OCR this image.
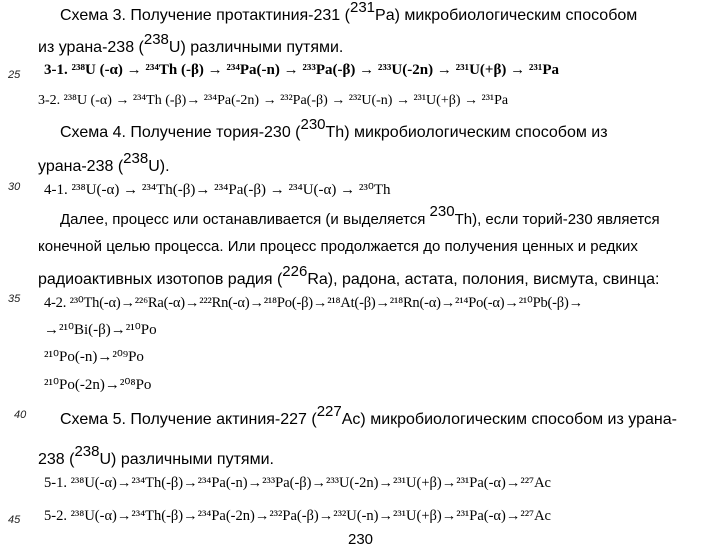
25
30
35
40
45
Схема 3. Получение протактиния-231 ($^{231}$Pa) микробиологическим способом
из урана-238 ($^{238}$U) различными путями.
3-1. ²³⁸U (-α) → ²³⁴Th (-β) → ²³⁴Pa(-n) → ²³³Pa(-β) → ²³³U(-2n) → ²³¹U(+β) → ²³¹Pa
3-2. ²³⁸U (-α) → ²³⁴Th (-β)→ ²³⁴Pa(-2n) → ²³²Pa(-β) → ²³²U(-n) → ²³¹U(+β) → ²³¹Pa
Схема 4. Получение тория-230 ($^{230}$Th) микробиологическим способом из
урана-238 ($^{238}$U).
4-1. ²³⁸U(-α) → ²³⁴Th(-β)→ ²³⁴Pa(-β) → ²³⁴U(-α) → ²³⁰Th
Далее, процесс или останавливается (и выделяется $^{230}$Th), если торий-230 является
конечной целью процесса. Или процесс продолжается до получения ценных и редких
радиоактивных изотопов радия ($^{226}$Ra), радона, астата, полония, висмута, свинца:
4-2. ²³⁰Th(-α)→²²⁶Ra(-α)→²²²Rn(-α)→²¹⁸Po(-β)→²¹⁸At(-β)→²¹⁸Rn(-α)→²¹⁴Po(-α)→²¹⁰Pb(-β)→
→²¹⁰Bi(-β)→²¹⁰Po
²¹⁰Po(-n)→²⁰⁹Po
²¹⁰Po(-2n)→²⁰⁸Po
Схема 5. Получение актиния-227 ($^{227}$Ac) микробиологическим способом из урана-
238 ($^{238}$U) различными путями.
5-1. ²³⁸U(-α)→²³⁴Th(-β)→²³⁴Pa(-n)→²³³Pa(-β)→²³³U(-2n)→²³¹U(+β)→²³¹Pa(-α)→²²⁷Ac
5-2. ²³⁸U(-α)→²³⁴Th(-β)→²³⁴Pa(-2n)→²³²Pa(-β)→²³²U(-n)→²³¹U(+β)→²³¹Pa(-α)→²²⁷Ac
230
